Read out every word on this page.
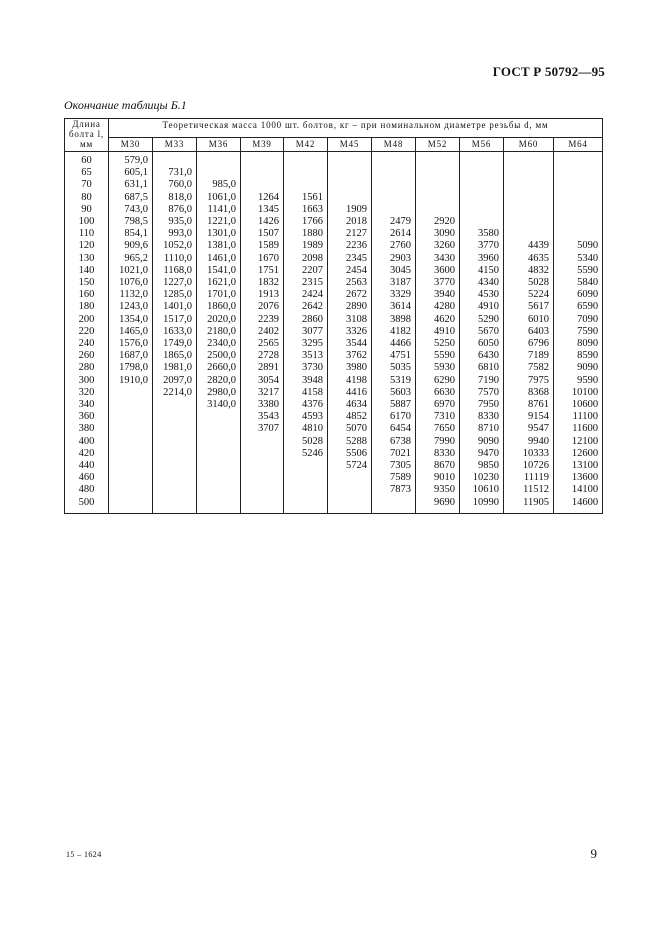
ГОСТ Р 50792—95
Окончание таблицы Б.1
Длина болта l, мм	Теоретическая масса 1000 шт. болтов, кг – при номинальном диаметре резьбы d, мм										
	М30	М33	М36	М39	М42	М45	М48	М52	М56	М60	М64
60	579,0										
65	605,1	731,0									
70	631,1	760,0	985,0								
80	687,5	818,0	1061,0	1264	1561						
90	743,0	876,0	1141,0	1345	1663	1909					
100	798,5	935,0	1221,0	1426	1766	2018	2479	2920			
110	854,1	993,0	1301,0	1507	1880	2127	2614	3090	3580		
120	909,6	1052,0	1381,0	1589	1989	2236	2760	3260	3770	4439	5090
130	965,2	1110,0	1461,0	1670	2098	2345	2903	3430	3960	4635	5340
140	1021,0	1168,0	1541,0	1751	2207	2454	3045	3600	4150	4832	5590
150	1076,0	1227,0	1621,0	1832	2315	2563	3187	3770	4340	5028	5840
160	1132,0	1285,0	1701,0	1913	2424	2672	3329	3940	4530	5224	6090
180	1243,0	1401,0	1860,0	2076	2642	2890	3614	4280	4910	5617	6590
200	1354,0	1517,0	2020,0	2239	2860	3108	3898	4620	5290	6010	7090
220	1465,0	1633,0	2180,0	2402	3077	3326	4182	4910	5670	6403	7590
240	1576,0	1749,0	2340,0	2565	3295	3544	4466	5250	6050	6796	8090
260	1687,0	1865,0	2500,0	2728	3513	3762	4751	5590	6430	7189	8590
280	1798,0	1981,0	2660,0	2891	3730	3980	5035	5930	6810	7582	9090
300	1910,0	2097,0	2820,0	3054	3948	4198	5319	6290	7190	7975	9590
320		2214,0	2980,0	3217	4158	4416	5603	6630	7570	8368	10100
340			3140,0	3380	4376	4634	5887	6970	7950	8761	10600
360				3543	4593	4852	6170	7310	8330	9154	11100
380				3707	4810	5070	6454	7650	8710	9547	11600
400					5028	5288	6738	7990	9090	9940	12100
420					5246	5506	7021	8330	9470	10333	12600
440						5724	7305	8670	9850	10726	13100
460							7589	9010	10230	11119	13600
480							7873	9350	10610	11512	14100
500								9690	10990	11905	14600
15 – 1624	9
